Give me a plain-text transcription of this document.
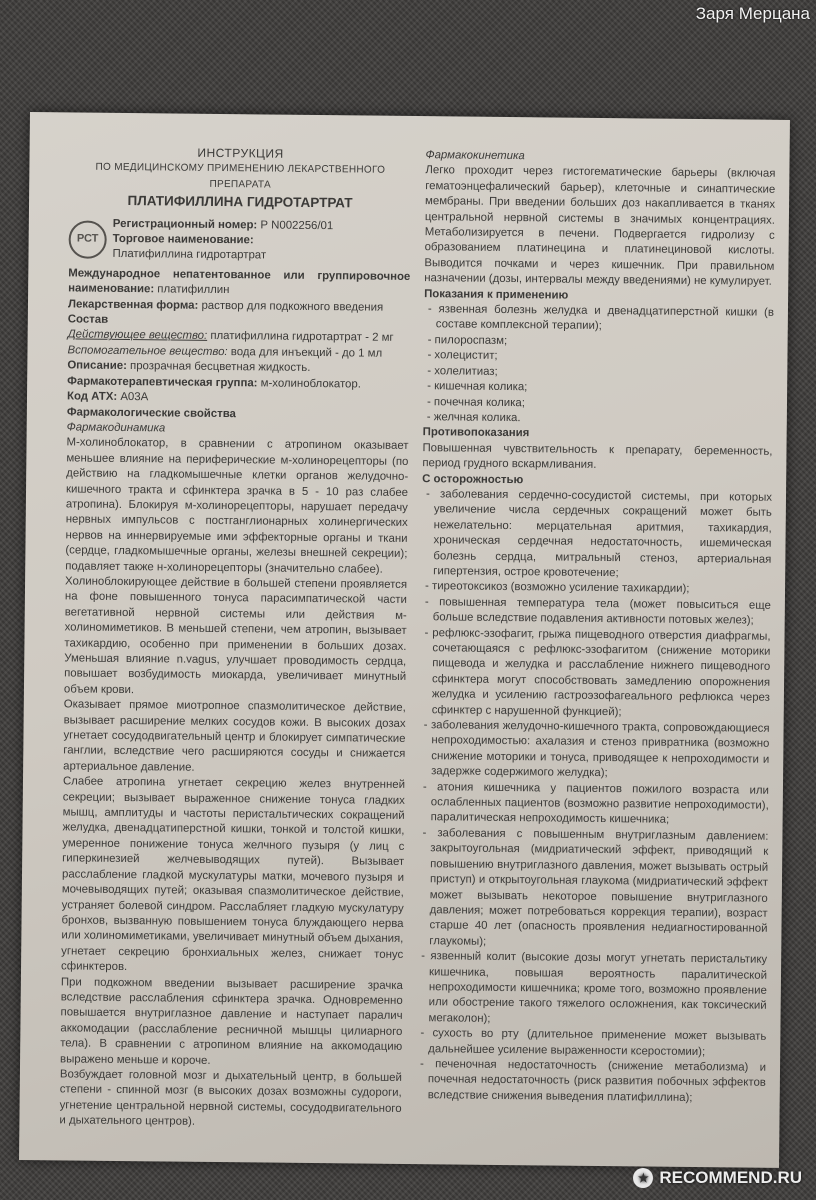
Заря Мерцана
ИНСТРУКЦИЯ
ПО МЕДИЦИНСКОМУ ПРИМЕНЕНИЮ ЛЕКАРСТВЕННОГО ПРЕПАРАТА
ПЛАТИФИЛЛИНА ГИДРОТАРТРАТ
РСТ
Регистрационный номер: Р N002256/01
Торговое наименование:
Платифиллина гидротартрат

Международное непатентованное или группировочное наименование: платифиллин

Лекарственная форма: раствор для подкожного введения

Состав

Действующее вещество: платифиллина гидротартрат - 2 мг

Вспомогательное вещество: вода для инъекций - до 1 мл

Описание: прозрачная бесцветная жидкость.

Фармакотерапевтическая группа: м-холиноблокатор.

Код АТХ: A03A

Фармакологические свойства
Фармакодинамика

М-холиноблокатор, в сравнении с атропином оказывает меньшее влияние на периферические м-холинорецепторы (по действию на гладкомышечные клетки органов желудочно-кишечного тракта и сфинктера зрачка в 5 - 10 раз слабее атропина). Блокируя м-холинорецепторы, нарушает передачу нервных импульсов с постганглионарных холинергических нервов на иннервируемые ими эффекторные органы и ткани (сердце, гладкомышечные органы, железы внешней секреции); подавляет также н-холинорецепторы (значительно слабее).

Холиноблокирующее действие в большей степени проявляется на фоне повышенного тонуса парасимпатической части вегетативной нервной системы или действия м-холиномиметиков. В меньшей степени, чем атропин, вызывает тахикардию, особенно при применении в больших дозах. Уменьшая влияние n.vagus, улучшает проводимость сердца, повышает возбудимость миокарда, увеличивает минутный объем крови.

Оказывает прямое миотропное спазмолитическое действие, вызывает расширение мелких сосудов кожи. В высоких дозах угнетает сосудодвигательный центр и блокирует симпатические ганглии, вследствие чего расширяются сосуды и снижается артериальное давление.

Слабее атропина угнетает секрецию желез внутренней секреции; вызывает выраженное снижение тонуса гладких мышц, амплитуды и частоты перистальтических сокращений желудка, двенадцатиперстной кишки, тонкой и толстой кишки, умеренное понижение тонуса желчного пузыря (у лиц с гиперкинезией желчевыводящих путей). Вызывает расслабление гладкой мускулатуры матки, мочевого пузыря и мочевыводящих путей; оказывая спазмолитическое действие, устраняет болевой синдром. Расслабляет гладкую мускулатуру бронхов, вызванную повышением тонуса блуждающего нерва или холиномиметиками, увеличивает минутный объем дыхания, угнетает секрецию бронхиальных желез, снижает тонус сфинктеров.

При подкожном введении вызывает расширение зрачка вследствие расслабления сфинктера зрачка. Одновременно повышается внутриглазное давление и наступает паралич аккомодации (расслабление ресничной мышцы цилиарного тела). В сравнении с атропином влияние на аккомодацию выражено меньше и короче.

Возбуждает головной мозг и дыхательный центр, в большей степени - спинной мозг (в высоких дозах возможны судороги, угнетение центральной нервной системы, сосудодвигательного и дыхательного центров).

Фармакокинетика

Легко проходит через гистогематические барьеры (включая гематоэнцефалический барьер), клеточные и синаптические мембраны. При введении больших доз накапливается в тканях центральной нервной системы в значимых концентрациях. Метаболизируется в печени. Подвергается гидролизу с образованием платинецина и платинециновой кислоты. Выводится почками и через кишечник. При правильном назначении (дозы, интервалы между введениями) не кумулирует.

Показания к применению

- язвенная болезнь желудка и двенадцатиперстной кишки (в составе комплексной терапии);

- пилороспазм;

- холецистит;

- холелитиаз;

- кишечная колика;

- почечная колика;

- желчная колика.

Противопоказания

Повышенная чувствительность к препарату, беременность, период грудного вскармливания.

С осторожностью

- заболевания сердечно-сосудистой системы, при которых увеличение числа сердечных сокращений может быть нежелательно: мерцательная аритмия, тахикардия, хроническая сердечная недостаточность, ишемическая болезнь сердца, митральный стеноз, артериальная гипертензия, острое кровотечение;

- тиреотоксикоз (возможно усиление тахикардии);

- повышенная температура тела (может повыситься еще больше вследствие подавления активности потовых желез);

- рефлюкс-эзофагит, грыжа пищеводного отверстия диафрагмы, сочетающаяся с рефлюкс-эзофагитом (снижение моторики пищевода и желудка и расслабление нижнего пищеводного сфинктера могут способствовать замедлению опорожнения желудка и усилению гастроэзофагеального рефлюкса через сфинктер с нарушенной функцией);

- заболевания желудочно-кишечного тракта, сопровождающиеся непроходимостью: ахалазия и стеноз привратника (возможно снижение моторики и тонуса, приводящее к непроходимости и задержке содержимого желудка);

- атония кишечника у пациентов пожилого возраста или ослабленных пациентов (возможно развитие непроходимости), паралитическая непроходимость кишечника;

- заболевания с повышенным внутриглазным давлением: закрытоугольная (мидриатический эффект, приводящий к повышению внутриглазного давления, может вызывать острый приступ) и открытоугольная глаукома (мидриатический эффект может вызывать некоторое повышение внутриглазного давления; может потребоваться коррекция терапии), возраст старше 40 лет (опасность проявления недиагностированной глаукомы);

- язвенный колит (высокие дозы могут угнетать перистальтику кишечника, повышая вероятность паралитической непроходимости кишечника; кроме того, возможно проявление или обострение такого тяжелого осложнения, как токсический мегаколон);

- сухость во рту (длительное применение может вызывать дальнейшее усиление выраженности ксеростомии);

- печеночная недостаточность (снижение метаболизма) и почечная недостаточность (риск развития побочных эффектов вследствие снижения выведения платифиллина);

★ RECOMMEND.RU
